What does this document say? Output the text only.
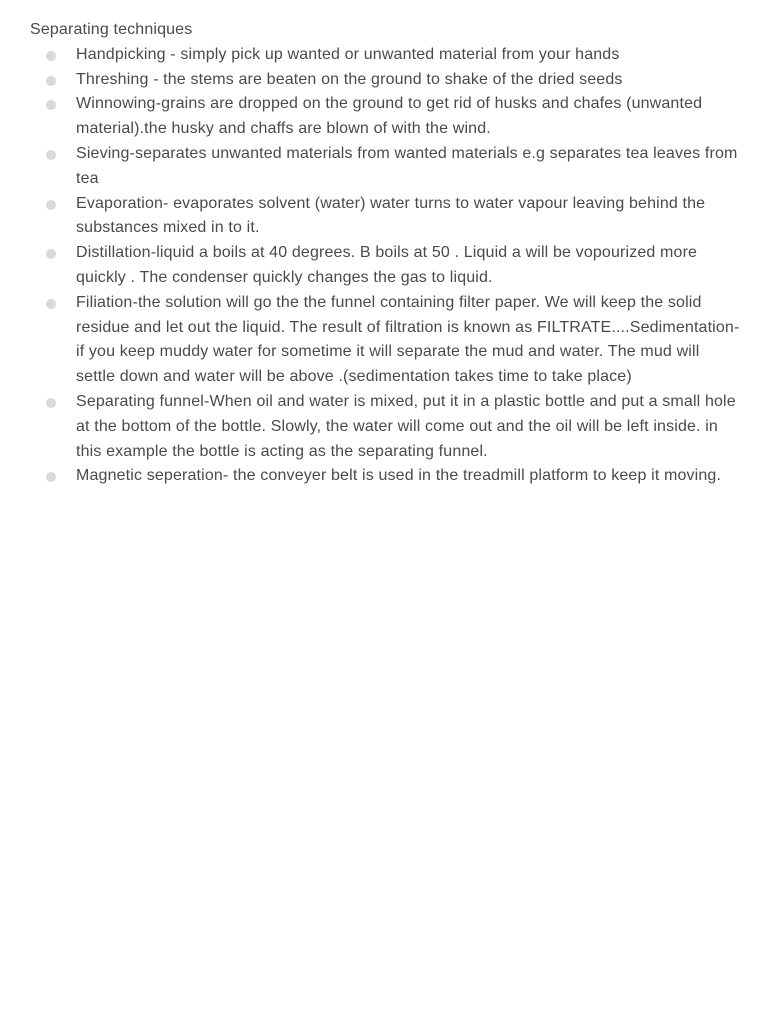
Separating techniques

Handpicking - simply pick up wanted or unwanted material from your hands
Threshing - the stems are beaten on the ground to shake of the dried seeds
Winnowing-grains are dropped on the ground to get rid of husks and chafes (unwanted material).the husky and chaffs are blown of with the wind.
Sieving-separates unwanted materials from wanted materials e.g separates tea leaves from tea
Evaporation- evaporates solvent (water) water turns to water vapour leaving behind the substances mixed in to it.
Distillation-liquid a boils at 40 degrees. B boils at 50 . Liquid a will be vopourized more quickly . The condenser quickly changes the gas to liquid.
Filiation-the solution will go the the funnel containing filter paper. We will keep the solid residue and let out the liquid. The result of filtration is known as FILTRATE....Sedimentation-if you keep muddy water for sometime it will separate the mud and water. The mud will settle down and water will be above .(sedimentation takes time to take place)
Separating funnel-When oil and water is mixed, put it in a plastic bottle and put a small hole at the bottom of the bottle. Slowly, the water will come out and the oil will be left inside. in this example the bottle is acting as the separating funnel.
Magnetic seperation- the conveyer belt is used in the treadmill platform to keep it moving.
